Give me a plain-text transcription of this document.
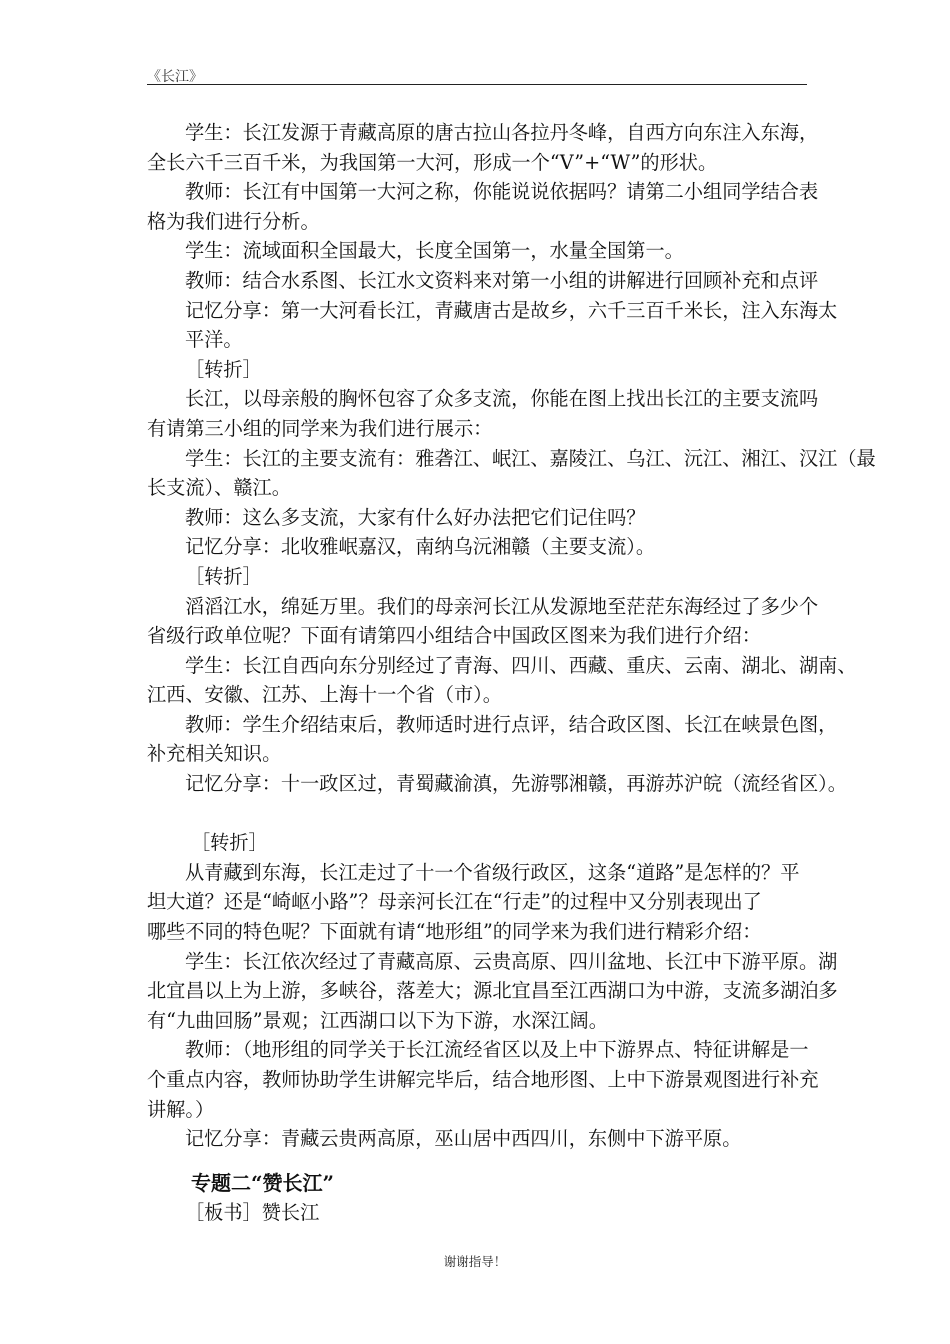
《长江》
学生：长江发源于青藏高原的唐古拉山各拉丹冬峰，自西方向东注入东海，
全长六千三百千米，为我国第一大河，形成一个“V”+“W”的形状。
教师：长江有中国第一大河之称，你能说说依据吗？请第二小组同学结合表
格为我们进行分析。
学生：流域面积全国最大，长度全国第一，水量全国第一。
教师：结合水系图、长江水文资料来对第一小组的讲解进行回顾补充和点评
记忆分享：第一大河看长江，青藏唐古是故乡，六千三百千米长，注入东海太
平洋。
［转折］
长江，以母亲般的胸怀包容了众多支流，你能在图上找出长江的主要支流吗
有请第三小组的同学来为我们进行展示：
学生：长江的主要支流有：雅砻江、岷江、嘉陵江、乌江、沅江、湘江、汉江（最
长支流）、赣江。
教师：这么多支流，大家有什么好办法把它们记住吗？
记忆分享：北收雅岷嘉汉，南纳乌沅湘赣（主要支流）。
［转折］
滔滔江水，绵延万里。我们的母亲河长江从发源地至茫茫东海经过了多少个
省级行政单位呢？下面有请第四小组结合中国政区图来为我们进行介绍：
学生：长江自西向东分别经过了青海、四川、西藏、重庆、云南、湖北、湖南、
江西、安徽、江苏、上海十一个省（市）。
教师：学生介绍结束后，教师适时进行点评，结合政区图、长江在峡景色图，
补充相关知识。
记忆分享：十一政区过，青蜀藏渝滇，先游鄂湘赣，再游苏沪皖（流经省区）。
［转折］
从青藏到东海，长江走过了十一个省级行政区，这条“道路”是怎样的？平
坦大道？还是“崎岖小路”？母亲河长江在“行走”的过程中又分别表现出了
哪些不同的特色呢？下面就有请“地形组”的同学来为我们进行精彩介绍：
学生：长江依次经过了青藏高原、云贵高原、四川盆地、长江中下游平原。湖
北宜昌以上为上游，多峡谷，落差大；源北宜昌至江西湖口为中游，支流多湖泊多
有“九曲回肠”景观；江西湖口以下为下游，水深江阔。
教师：（地形组的同学关于长江流经省区以及上中下游界点、特征讲解是一
个重点内容，教师协助学生讲解完毕后，结合地形图、上中下游景观图进行补充
讲解。）
记忆分享：青藏云贵两高原，巫山居中西四川，东侧中下游平原。
专题二“赞长江”
［板书］赞长江
谢谢指导！
